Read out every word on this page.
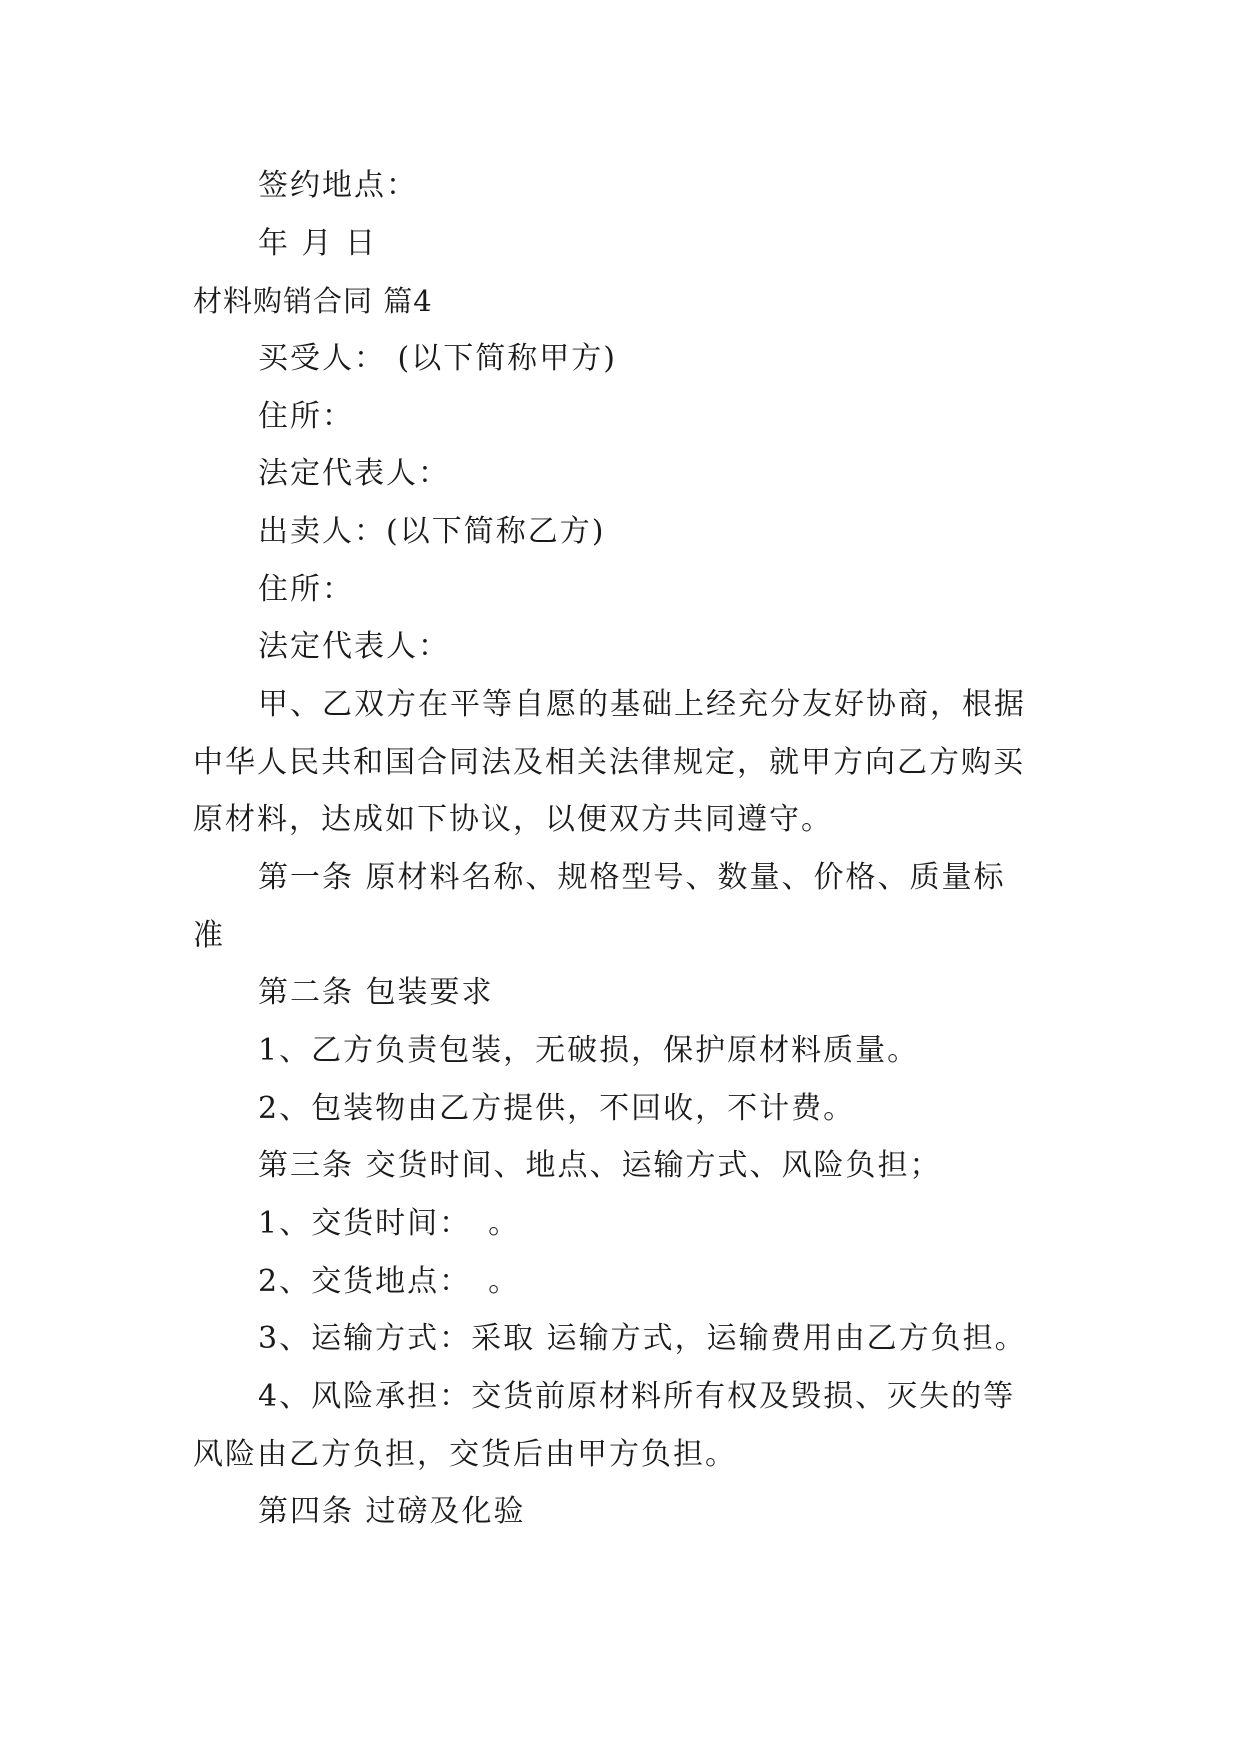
签约地点：
年 月 日
材料购销合同 篇4
买受人： (以下简称甲方)
住所：
法定代表人：
出卖人：(以下简称乙方)
住所：
法定代表人：
甲、乙双方在平等自愿的基础上经充分友好协商，根据
中华人民共和国合同法及相关法律规定，就甲方向乙方购买
原材料，达成如下协议，以便双方共同遵守。
第一条 原材料名称、规格型号、数量、价格、质量标
准
第二条 包装要求
1、乙方负责包装，无破损，保护原材料质量。
2、包装物由乙方提供，不回收，不计费。
第三条 交货时间、地点、运输方式、风险负担；
1、交货时间：　。
2、交货地点：　。
3、运输方式：采取 运输方式，运输费用由乙方负担。
4、风险承担：交货前原材料所有权及毁损、灭失的等
风险由乙方负担，交货后由甲方负担。
第四条 过磅及化验
